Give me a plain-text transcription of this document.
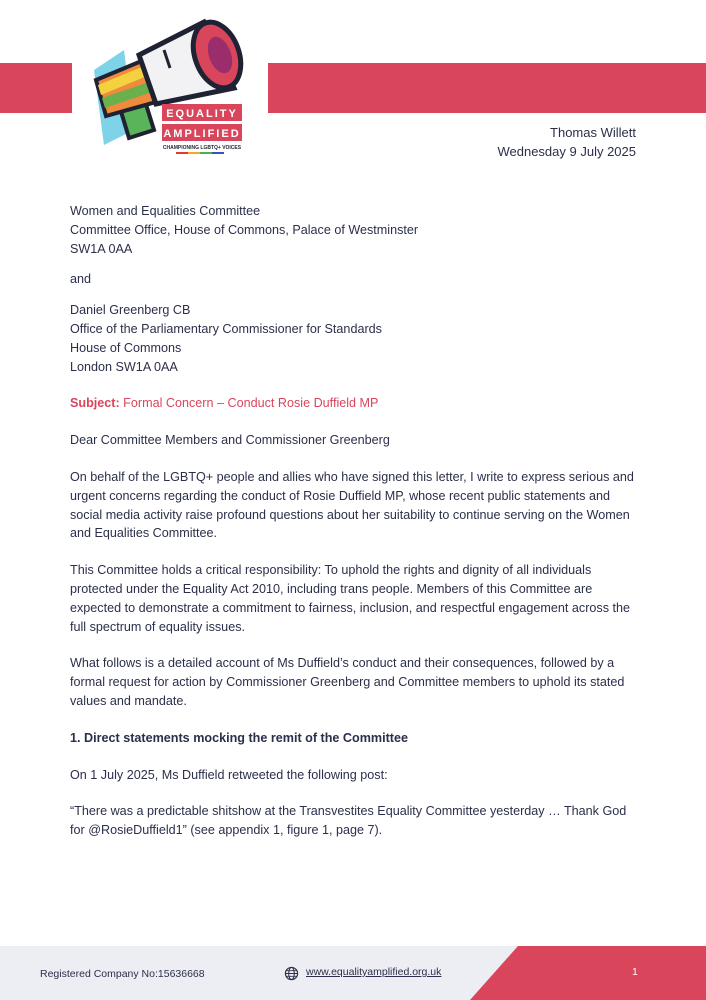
EQUALITY
AMPLIFIED
CHAMPIONING LGBTQ+ VOICES
Thomas Willett
Wednesday 9 July 2025

Women and Equalities Committee

Committee Office, House of Commons, Palace of Westminster

SW1A 0AA

and

Daniel Greenberg CB

Office of the Parliamentary Commissioner for Standards

House of Commons

London SW1A 0AA

Subject: Formal Concern – Conduct Rosie Duffield MP

Dear Committee Members and Commissioner Greenberg

On behalf of the LGBTQ+ people and allies who have signed this letter, I write to express serious and urgent concerns regarding the conduct of Rosie Duffield MP, whose recent public statements and social media activity raise profound questions about her suitability to continue serving on the Women and Equalities Committee.

This Committee holds a critical responsibility: To uphold the rights and dignity of all individuals protected under the Equality Act 2010, including trans people. Members of this Committee are expected to demonstrate a commitment to fairness, inclusion, and respectful engagement across the full spectrum of equality issues.

What follows is a detailed account of Ms Duffield’s conduct and their consequences, followed by a formal request for action by Commissioner Greenberg and Committee members to uphold its stated values and mandate.

1. Direct statements mocking the remit of the Committee

On 1 July 2025, Ms Duffield retweeted the following post:

“There was a predictable shitshow at the Transvestites Equality Committee yesterday … Thank God for @RosieDuffield1” (see appendix 1, figure 1, page 7).

Registered Company No:15636668	www.equalityamplified.org.uk	1
